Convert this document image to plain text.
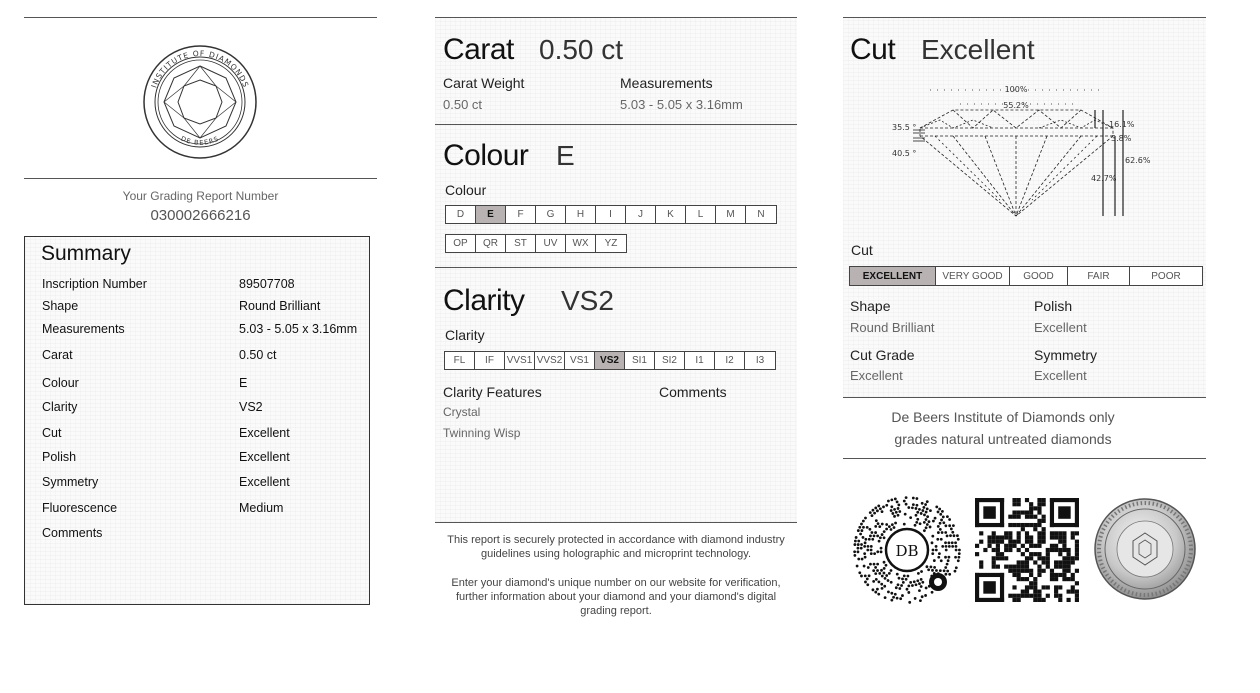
INSTITUTE OF DIAMONDS
DE BEERS
Your Grading Report Number
030002666216
Summary
Inscription Number	89507708
Shape	Round Brilliant
Measurements	5.03 - 5.05 x 3.16mm
Carat	0.50 ct
Colour	E
Clarity	VS2
Cut	Excellent
Polish	Excellent
Symmetry	Excellent
Fluorescence	Medium
Comments
Carat 0.50 ct
Carat Weight
0.50 ct
Measurements
5.03 - 5.05 x 3.16mm
Colour E
Colour
D	E	F	G	H	I	J	K	L	M	N
OP	QR	ST	UV	WX	YZ
Clarity VS2
Clarity
FL	IF	VVS1 VVS2 VS1	VS2	SI1	SI2	I1	I2	I3
Clarity Features
Crystal
Twinning Wisp
Comments
This report is securely protected in accordance with diamond industry guidelines using holographic and microprint technology.
Enter your diamond's unique number on our website for verification, further information about your diamond and your diamond's digital grading report.
Cut Excellent
100%
55.2%
35.5 °
40.5 °
16.1%
3.8%
62.6%
42.7%
Cut
EXCELLENT	VERY GOOD	GOOD	FAIR	POOR
Shape
Round Brilliant
Polish
Excellent
Cut Grade
Excellent
Symmetry
Excellent
De Beers Institute of Diamonds only
grades natural untreated diamonds
DB
